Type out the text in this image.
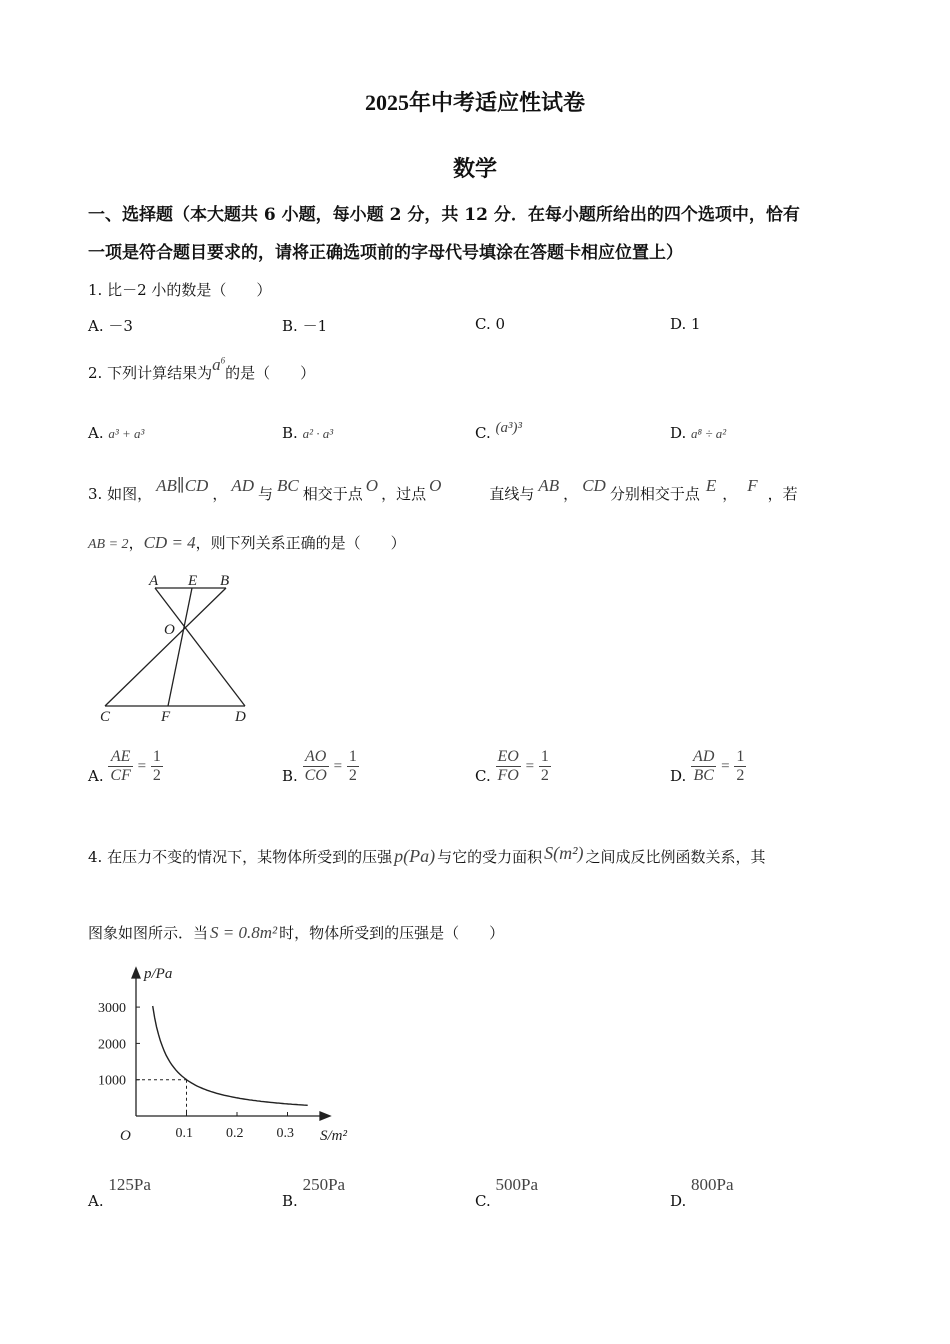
2025年中考适应性试卷
数学
一、选择题（本大题共 6 小题，每小题 2 分，共 12 分．在每小题所给出的四个选项中，恰有
一项是符合题目要求的，请将正确选项前的字母代号填涂在答题卡相应位置上）
1. 比－2 小的数是（　　）
A. －3	B. －1	C. 0	D. 1
2. 下列计算结果为$a^6$的是（　　）
A. a³ + a³	B. a² · a³	C. (a³)³	D. a⁸ ÷ a²
3. 如图， AB∥CD ， AD 与 BC 相交于点 O ，过点 O	直线与 AB ， CD 分别相交于点 E ， F ，若
AB = 2，CD = 4，则下列关系正确的是（　　）
A E B
O
C	F	D
A. $\frac{AE}{CF} = \frac{1}{2}$	B. $\frac{AO}{CO} = \frac{1}{2}$	C. $\frac{EO}{FO} = \frac{1}{2}$	D. $\frac{AD}{BC} = \frac{1}{2}$
4. 在压力不变的情况下，某物体所受到的压强 p(Pa) 与它的受力面积 S(m²) 之间成反比例函数关系，其
图象如图所示．当 S = 0.8m² 时，物体所受到的压强是（　　）
0.1 0.2 0.3
1000
2000
3000
p/Pa
S/m²
O
A. 125Pa
B. 250Pa
C. 500Pa
D. 800Pa
